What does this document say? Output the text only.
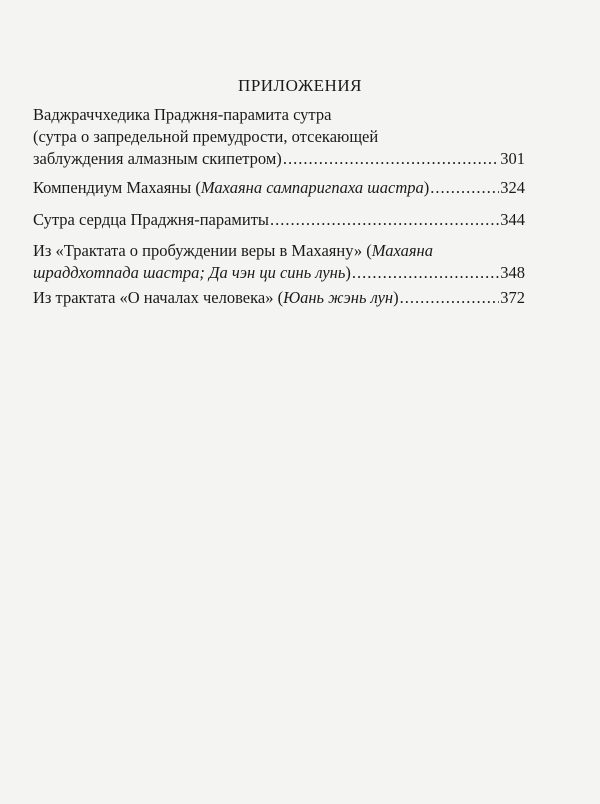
ПРИЛОЖЕНИЯ
Ваджраччхедика Праджня-парамита сутра
(сутра о запредельной премудрости, отсекающей
заблуждения алмазным скипетром) .....	301
Компендиум Махаяны (Махаяна сампаригпаха шастра) .....	324
Сутра сердца Праджня-парамиты .....	344
Из «Трактата о пробуждении веры в Махаяну» (Махаяна
шраддхотпада шастра; Да чэн ци синь лунь) .....	348
Из трактата «О началах человека» (Юань жэнь лун) .....	372
